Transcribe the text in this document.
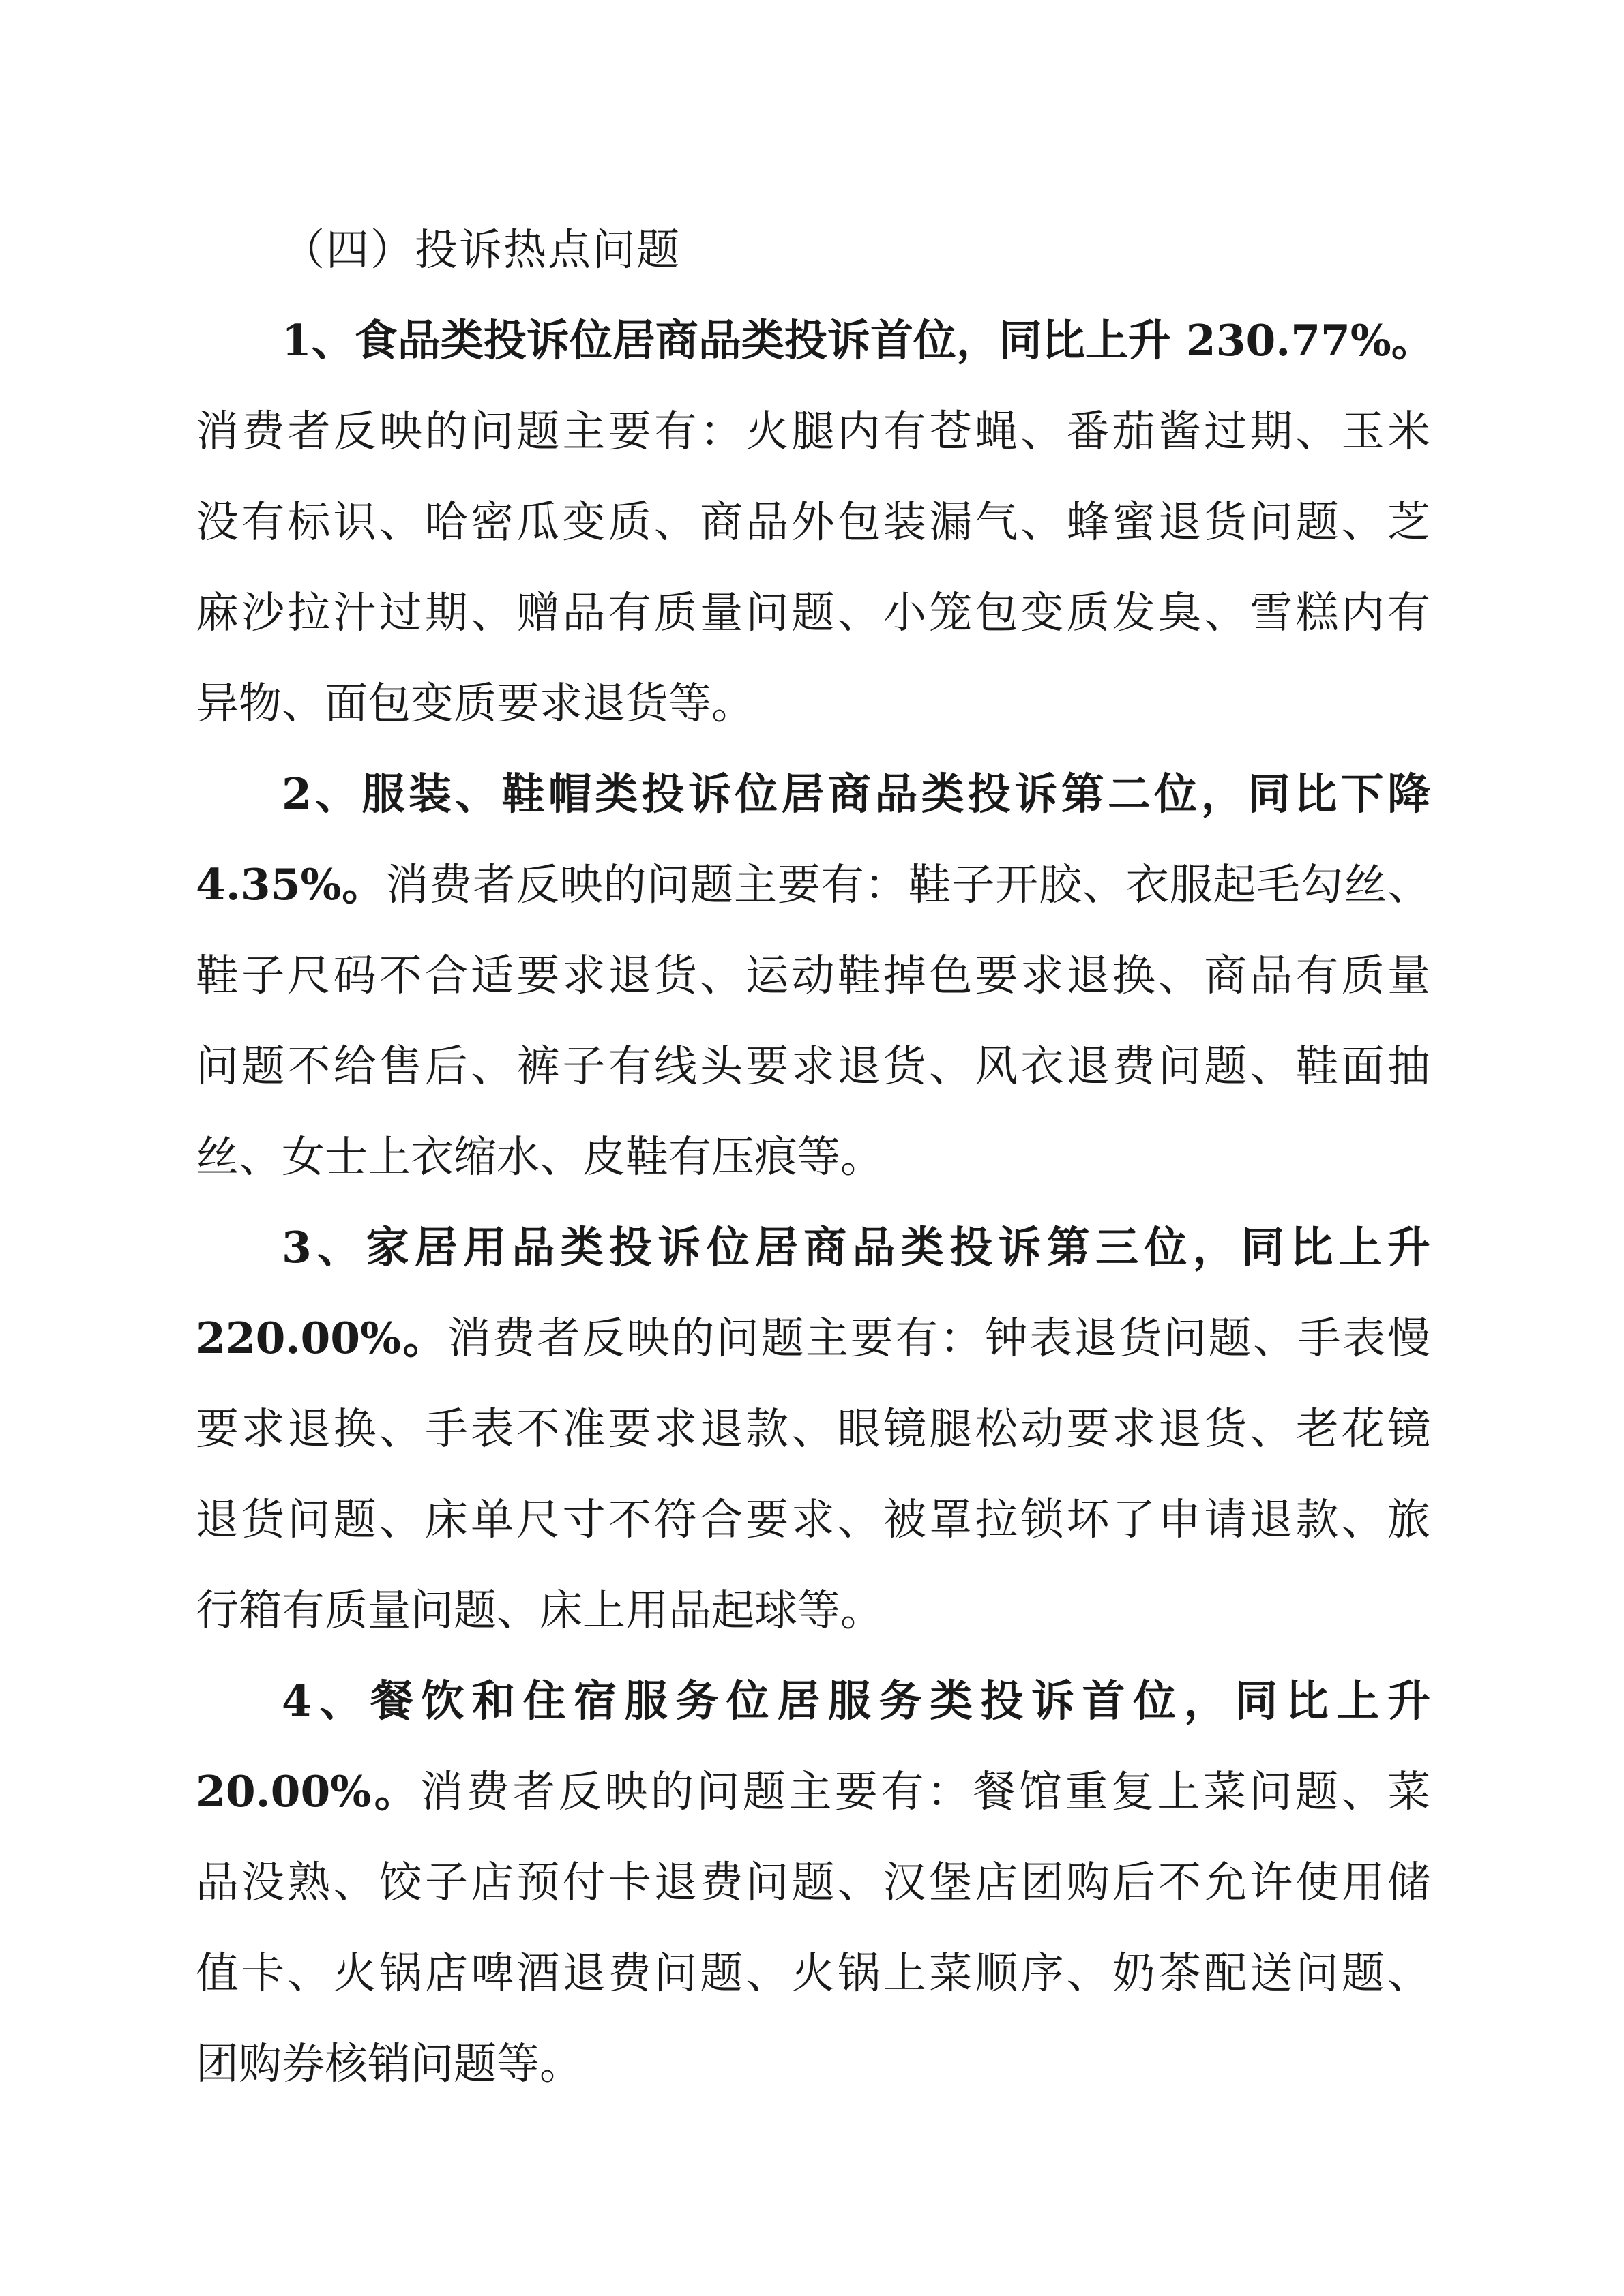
（四）投诉热点问题
1、食品类投诉位居商品类投诉首位，同比上升 230.77%。
消费者反映的问题主要有：火腿内有苍蝇、番茄酱过期、玉米
没有标识、哈密瓜变质、商品外包装漏气、蜂蜜退货问题、芝
麻沙拉汁过期、赠品有质量问题、小笼包变质发臭、雪糕内有
异物、面包变质要求退货等。
2、服装、鞋帽类投诉位居商品类投诉第二位，同比下降
4.35%。消费者反映的问题主要有：鞋子开胶、衣服起毛勾丝、
鞋子尺码不合适要求退货、运动鞋掉色要求退换、商品有质量
问题不给售后、裤子有线头要求退货、风衣退费问题、鞋面抽
丝、女士上衣缩水、皮鞋有压痕等。
3、家居用品类投诉位居商品类投诉第三位，同比上升
220.00%。消费者反映的问题主要有：钟表退货问题、手表慢
要求退换、手表不准要求退款、眼镜腿松动要求退货、老花镜
退货问题、床单尺寸不符合要求、被罩拉锁坏了申请退款、旅
行箱有质量问题、床上用品起球等。
4、餐饮和住宿服务位居服务类投诉首位，同比上升
20.00%。消费者反映的问题主要有：餐馆重复上菜问题、菜
品没熟、饺子店预付卡退费问题、汉堡店团购后不允许使用储
值卡、火锅店啤酒退费问题、火锅上菜顺序、奶茶配送问题、
团购券核销问题等。
